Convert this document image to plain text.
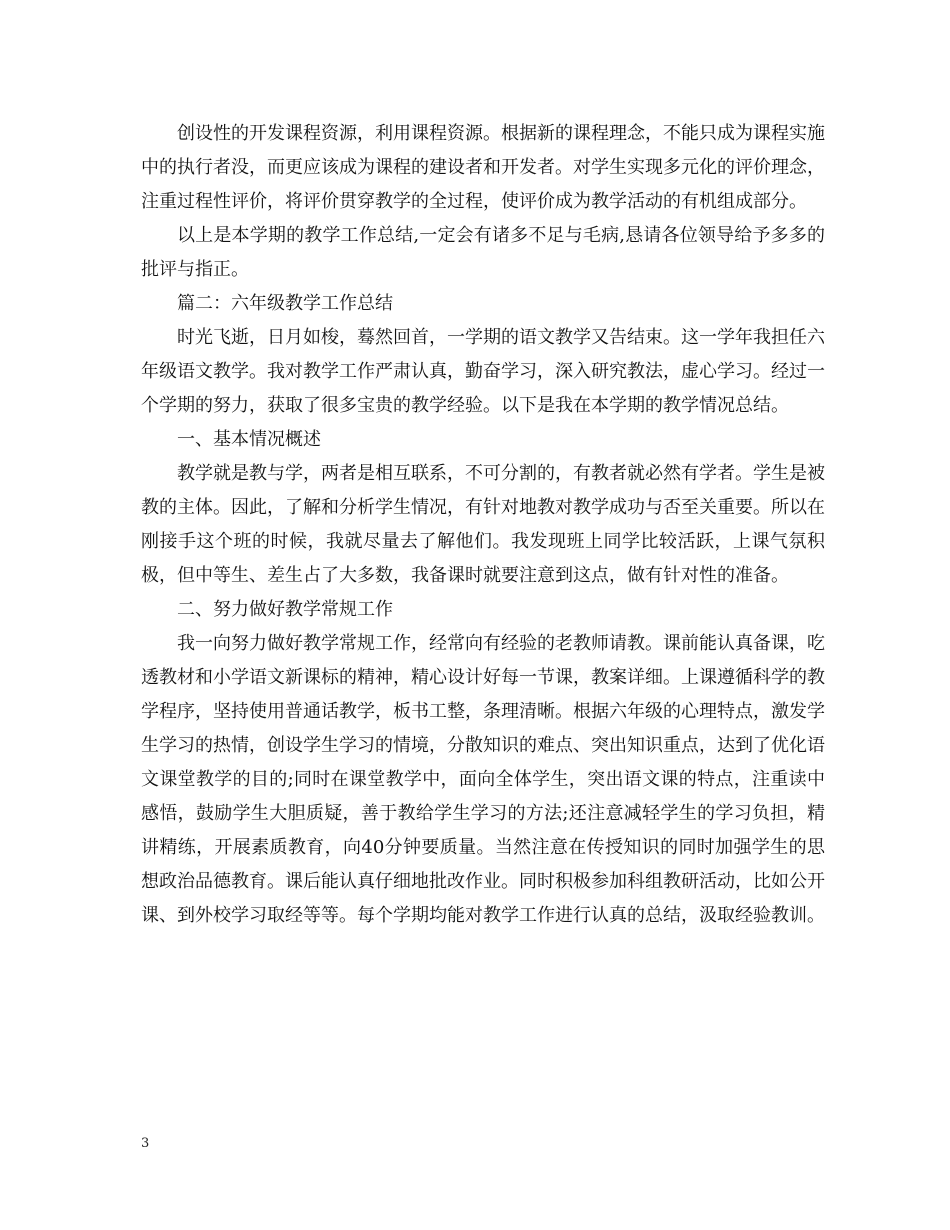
创设性的开发课程资源，利用课程资源。根据新的课程理念，不能只成为课程实施中的执行者没，而更应该成为课程的建设者和开发者。对学生实现多元化的评价理念，注重过程性评价，将评价贯穿教学的全过程，使评价成为教学活动的有机组成部分。

以上是本学期的教学工作总结,一定会有诸多不足与毛病,恳请各位领导给予多多的批评与指正。

篇二：六年级教学工作总结

时光飞逝，日月如梭，蓦然回首，一学期的语文教学又告结束。这一学年我担任六年级语文教学。我对教学工作严肃认真，勤奋学习，深入研究教法，虚心学习。经过一个学期的努力，获取了很多宝贵的教学经验。以下是我在本学期的教学情况总结。

一、基本情况概述

教学就是教与学，两者是相互联系，不可分割的，有教者就必然有学者。学生是被教的主体。因此，了解和分析学生情况，有针对地教对教学成功与否至关重要。所以在刚接手这个班的时候，我就尽量去了解他们。我发现班上同学比较活跃，上课气氛积极，但中等生、差生占了大多数，我备课时就要注意到这点，做有针对性的准备。

二、努力做好教学常规工作

我一向努力做好教学常规工作，经常向有经验的老教师请教。课前能认真备课，吃透教材和小学语文新课标的精神，精心设计好每一节课，教案详细。上课遵循科学的教学程序，坚持使用普通话教学，板书工整，条理清晰。根据六年级的心理特点，激发学生学习的热情，创设学生学习的情境，分散知识的难点、突出知识重点，达到了优化语文课堂教学的目的;同时在课堂教学中，面向全体学生，突出语文课的特点，注重读中感悟，鼓励学生大胆质疑，善于教给学生学习的方法;还注意减轻学生的学习负担，精讲精练，开展素质教育，向40分钟要质量。当然注意在传授知识的同时加强学生的思想政治品德教育。课后能认真仔细地批改作业。同时积极参加科组教研活动，比如公开课、到外校学习取经等等。每个学期均能对教学工作进行认真的总结，汲取经验教训。

3
